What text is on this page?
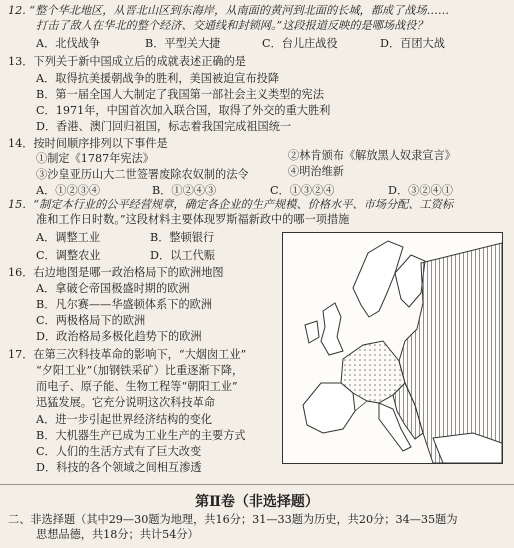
12. “整个华北地区，从晋北山区到东海岸，从南面的黄河到北面的长城，都成了战场……
打击了敌人在华北的整个经济、交通线和封锁网。”这段报道反映的是哪场战役？
A．北伐战争	B．平型关大捷	C．台儿庄战役	D．百团大战
13．下列关于新中国成立后的成就表述正确的是
A．取得抗美援朝战争的胜利，美国被迫宣布投降
B．第一届全国人大制定了我国第一部社会主义类型的宪法
C．1971年，中国首次加入联合国，取得了外交的重大胜利
D．香港、澳门回归祖国，标志着我国完成祖国统一
14．按时间顺序排列以下事件是
①制定《1787年宪法》	②林肯颁布《解放黑人奴隶宣言》
③沙皇亚历山大二世签署废除农奴制的法令	④明治维新
A．①②③④	B．①②④③	C．①③②④	D．③②④①
15．“制定本行业的公平经营规章，确定各企业的生产规模、价格水平、市场分配、工资标
准和工作日时数。”这段材料主要体现罗斯福新政中的哪一项措施
A．调整工业	B．整顿银行
C．调整农业	D．以工代赈
16．右边地图是哪一政治格局下的欧洲地图
A．拿破仑帝国极盛时期的欧洲
B．凡尔赛——华盛顿体系下的欧洲
C．两极格局下的欧洲
D．政治格局多极化趋势下的欧洲
17．在第三次科技革命的影响下，“大烟囱工业”
“夕阳工业”（加钢铁采矿）比重逐渐下降，
而电子、原子能、生物工程等“朝阳工业”
迅猛发展。它充分说明这次科技革命
A．进一步引起世界经济结构的变化
B．大机器生产已成为工业生产的主要方式
C．人们的生活方式有了巨大改变
D．科技的各个领域之间相互渗透
第Ⅱ卷（非选择题）
二、非选择题（其中29—30题为地理，共16分；31—33题为历史，共20分；34—35题为
思想品德，共18分；共计54分）
